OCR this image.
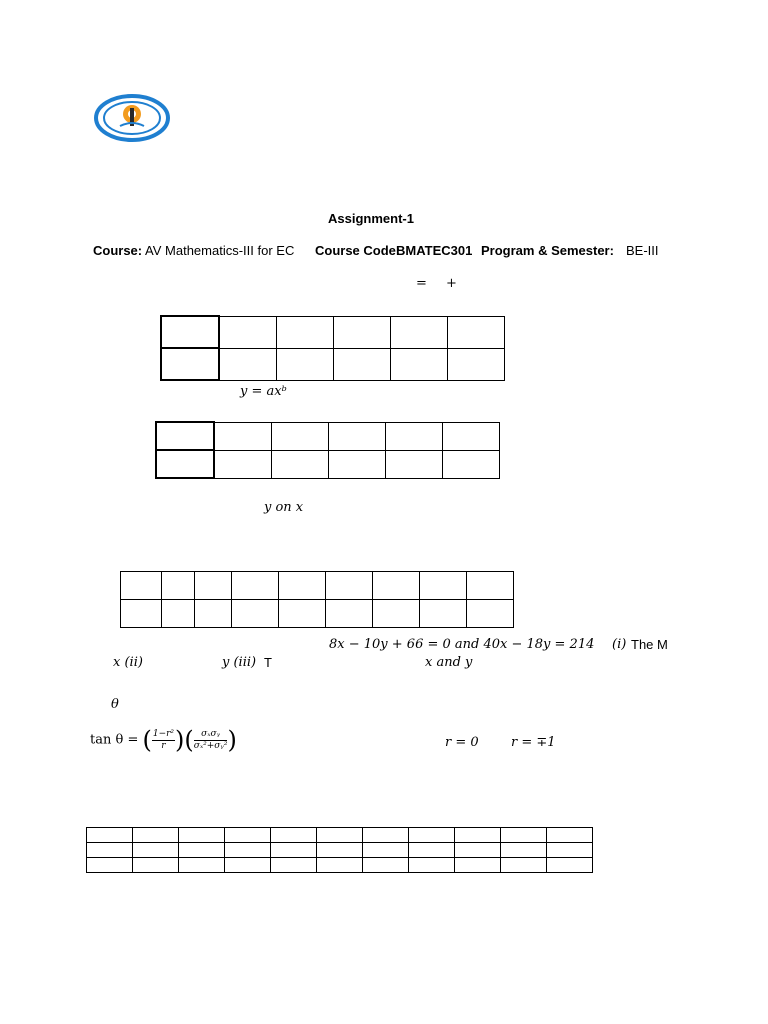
Assignment-1
Course: AV Mathematics-III for EC Course Code:
BMATEC301 Program & Semester: BE-III
= +

y = axᵇ

y on x

8x − 10y + 66 = 0 and 40x − 18y = 214 (i) The M
x (ii)	y (iii) T	x and y
θ
tan θ = ( $\frac{\text{1−r²}}{r})( \frac{\text{σₓσᵧ}}{\text{σₓ²+σᵧ²}})$	r = 0 r = ∓1
